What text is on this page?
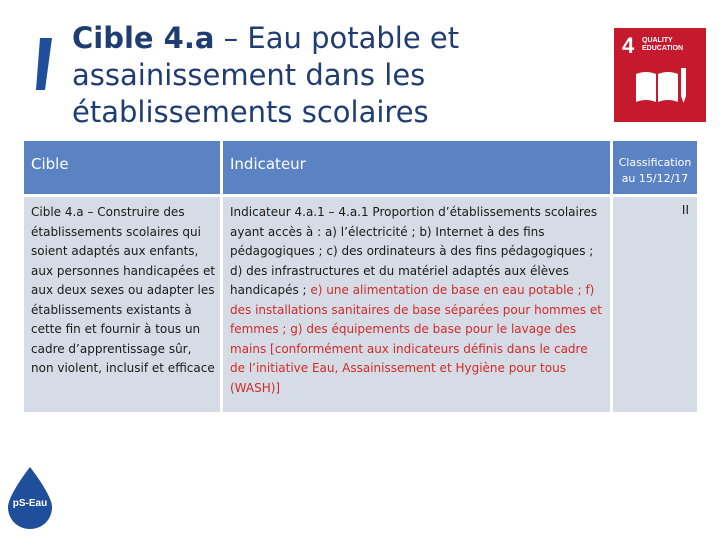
Cible 4.a – Eau potable et assainissement dans les établissements scolaires
4 QUALITY
EDUCATION
Cible	Indicateur	Classification au 15/12/17
Cible 4.a – Construire des établissements scolaires qui soient adaptés aux enfants, aux personnes handicapées et aux deux sexes ou adapter les établissements existants à cette fin et fournir à tous un cadre d’apprentissage sûr, non violent, inclusif et efficace
Indicateur 4.a.1 – 4.a.1 Proportion d’établissements scolaires ayant accès à : a) l’électricité ; b) Internet à des fins pédagogiques ; c) des ordinateurs à des fins pédagogiques ; d) des infrastructures et du matériel adaptés aux élèves handicapés ; e) une alimentation de base en eau potable ; f) des installations sanitaires de base séparées pour hommes et femmes ; g) des équipements de base pour le lavage des mains [conformément aux indicateurs définis dans le cadre de l’initiative Eau, Assainissement et Hygiène pour tous (WASH)]
II
pS-Eau
